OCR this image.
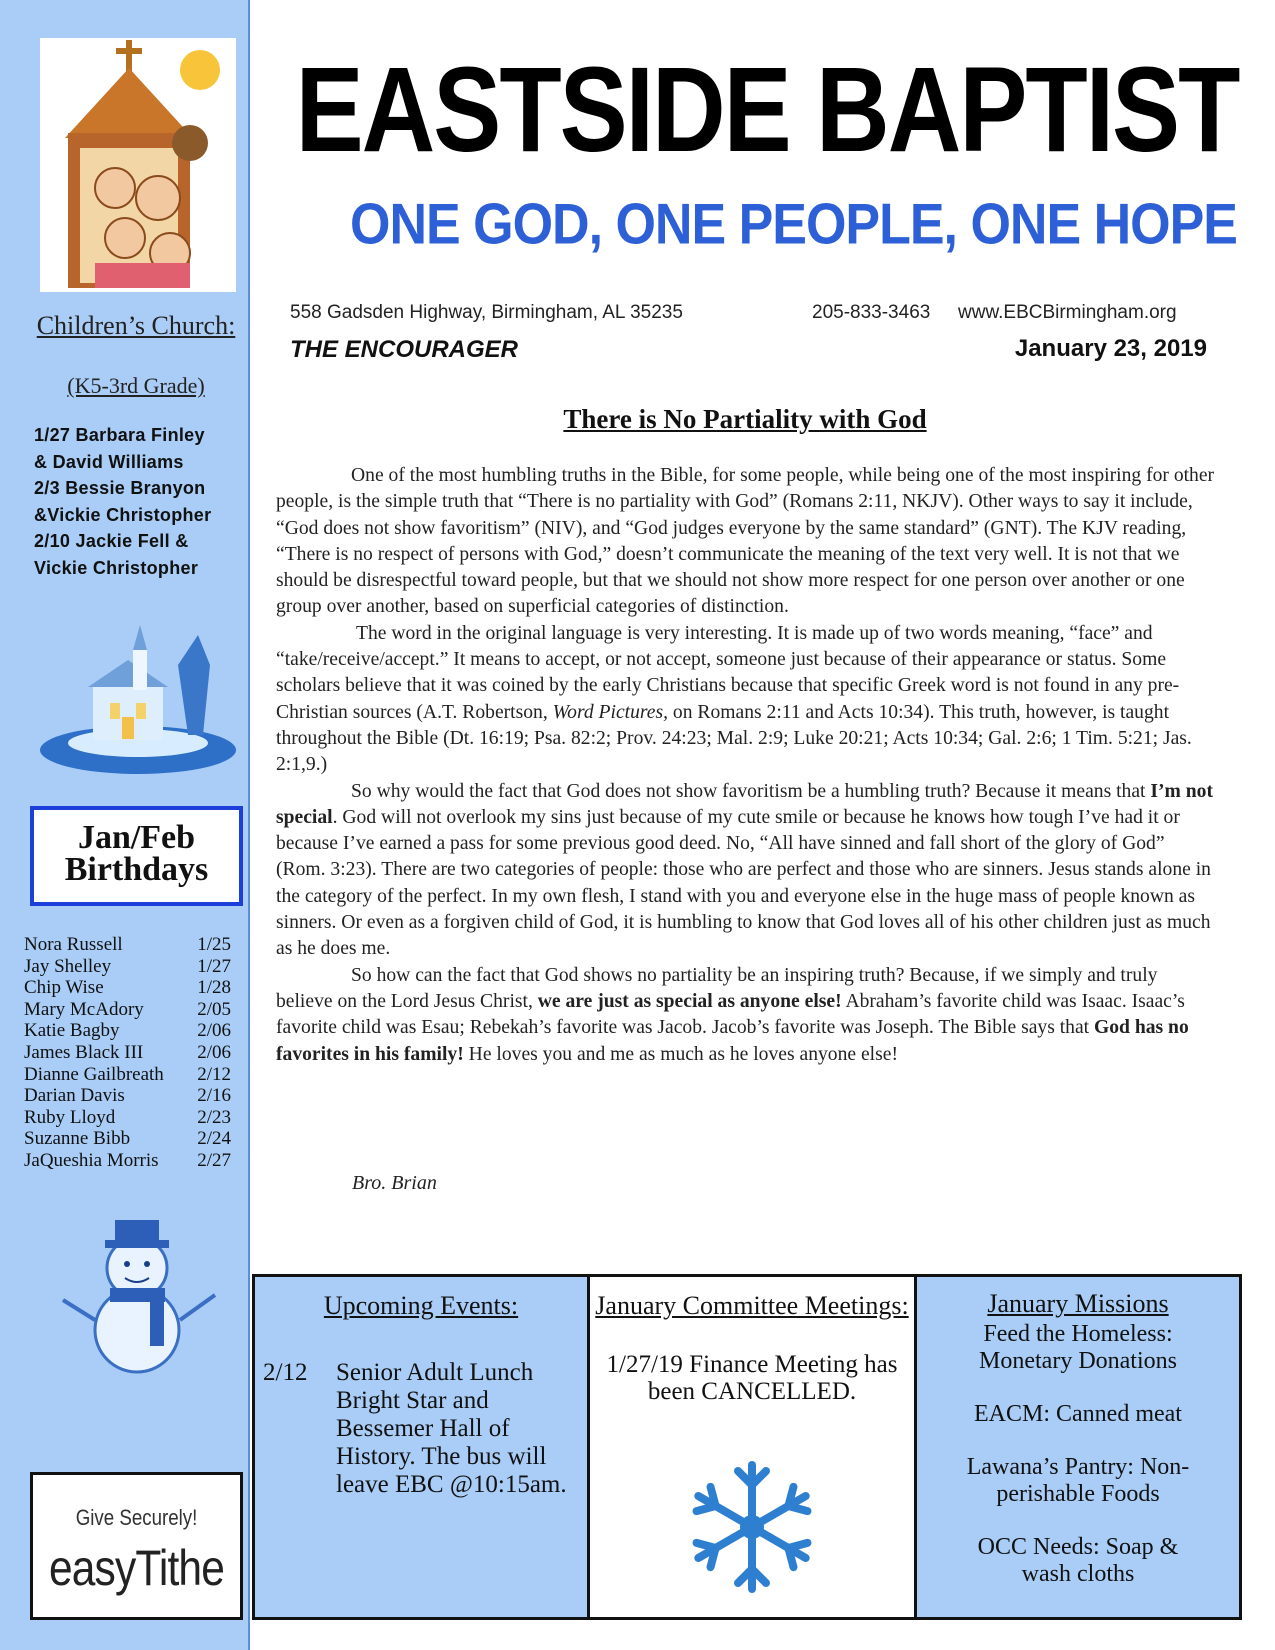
Children’s Church:
(K5-3rd Grade)
1/27 Barbara Finley
& David Williams
2/3 Bessie Branyon
&Vickie Christopher
2/10 Jackie Fell &
Vickie Christopher
Jan/Feb
Birthdays
Nora Russell	1/25
Jay Shelley	1/27
Chip Wise	1/28
Mary McAdory	2/05
Katie Bagby	2/06
James Black III	2/06
Dianne Gailbreath 2/12
Darian Davis	2/16
Ruby Lloyd	2/23
Suzanne Bibb	2/24
JaQueshia Morris 2/27
Give Securely!
easyTithe
EASTSIDE BAPTIST
ONE GOD, ONE PEOPLE, ONE HOPE
558 Gadsden Highway, Birmingham, AL 35235	205-833-3463 www.EBCBirmingham.org
THE ENCOURAGER	January 23, 2019
There is No Partiality with God

One of the most humbling truths in the Bible, for some people, while being one of the most inspiring for other people, is the simple truth that “There is no partiality with God” (Romans 2:11, NKJV). Other ways to say it include, “God does not show favoritism” (NIV), and “God judges everyone by the same standard” (GNT). The KJV reading, “There is no respect of persons with God,” doesn’t communicate the meaning of the text very well. It is not that we should be disrespectful toward people, but that we should not show more respect for one person over another or one group over another, based on superficial categories of distinction.

The word in the original language is very interesting. It is made up of two words meaning, “face” and “take/receive/accept.” It means to accept, or not accept, someone just because of their appearance or status. Some scholars believe that it was coined by the early Christians because that specific Greek word is not found in any pre-Christian sources (A.T. Robertson, Word Pictures, on Romans 2:11 and Acts 10:34). This truth, however, is taught throughout the Bible (Dt. 16:19; Psa. 82:2; Prov. 24:23; Mal. 2:9; Luke 20:21; Acts 10:34; Gal. 2:6; 1 Tim. 5:21; Jas. 2:1,9.)

So why would the fact that God does not show favoritism be a humbling truth? Because it means that I’m not special. God will not overlook my sins just because of my cute smile or because he knows how tough I’ve had it or because I’ve earned a pass for some previous good deed. No, “All have sinned and fall short of the glory of God” (Rom. 3:23). There are two categories of people: those who are perfect and those who are sinners. Jesus stands alone in the category of the perfect. In my own flesh, I stand with you and everyone else in the huge mass of people known as sinners. Or even as a forgiven child of God, it is humbling to know that God loves all of his other children just as much as he does me.

So how can the fact that God shows no partiality be an inspiring truth? Because, if we simply and truly believe on the Lord Jesus Christ, we are just as special as anyone else! Abraham’s favorite child was Isaac. Isaac’s favorite child was Esau; Rebekah’s favorite was Jacob. Jacob’s favorite was Joseph. The Bible says that God has no favorites in his family! He loves you and me as much as he loves anyone else!

Bro. Brian
Upcoming Events:
2/12	Senior Adult Lunch Bright Star and Bessemer Hall of History. The bus will leave EBC @10:15am.
January Committee Meetings:
1/27/19 Finance Meeting has been CANCELLED.
January Missions
Feed the Homeless: Monetary Donations
EACM: Canned meat
Lawana’s Pantry: Non-perishable Foods
OCC Needs: Soap & wash cloths
